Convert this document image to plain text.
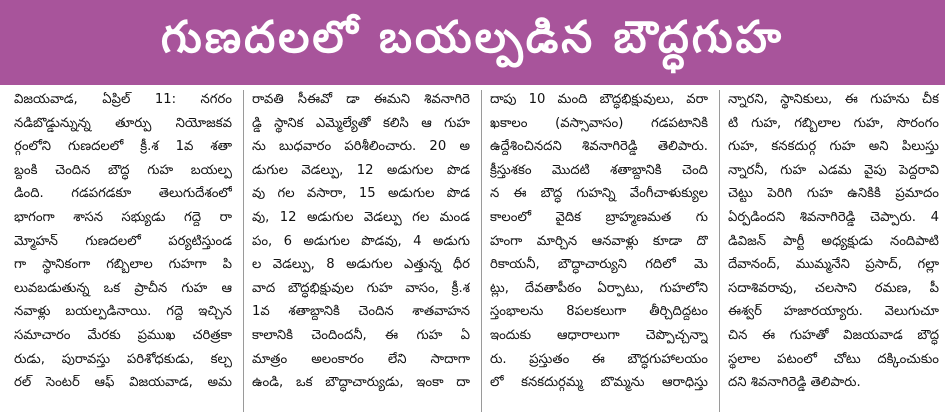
గుణదలలో బయల్పడిన బౌద్ధగుహ
విజయవాడ, ఏప్రిల్ 11: నగరం
నడిబొడ్డున్నున్న తూర్పు నియోజకవ
ర్గంలోని గుణదలలో క్రీ.శ 1వ శతా
బ్దంకి చెందిన బౌద్ధ గుహ బయల్ప
డింది. గడపగడకూ తెలుగుదేశంలో
భాగంగా శాసన సభ్యుడు గద్దె రా
మ్మోహన్ గుణదలలో పర్యటిస్తుండ
గా స్థానికంగా గబ్బిలాల గుహగా పి
లువబడుతున్న ఒక ప్రాచీన గుహ ఆ
నవాళ్లు బయల్పడినాయి. గద్దె ఇచ్చిన
సమాచారం మేరకు ప్రముఖ చరిత్రకా
రుడు, పురావస్తు పరిశోధకుడు, కల్చ
రల్ సెంటర్ ఆఫ్ విజయవాడ, అమ
రావతి సీఈవో డా ఈమని శివనాగిరె
డ్డి స్థానిక ఎమ్మెల్యేతో కలిసి ఆ గుహ
ను బుధవారం పరిశీలించారు. 20 అ
డుగుల వెడల్పు, 12 అడుగుల పొడ
వు గల వసారా, 15 అడుగుల పొడ
వు, 12 అడుగుల వెడల్పు గల మండ
పం, 6 అడుగుల పొడవు, 4 అడుగు
ల వెడల్పు, 8 అడుగుల ఎత్తున్న ధీర
వాద బౌద్ధభిక్షువుల గుహ వాసం, క్రీ.శ
1వ శతాబ్దానికి చెందిన శాతవాహన
కాలానికి చెందిందనీ, ఈ గుహ ఏ
మాత్రం అలంకారం లేని సాదాగా
ఉండి, ఒక బౌద్ధాచార్యుడు, ఇంకా దా
దాపు 10 మంది బౌద్ధభిక్షువులు, వరా
ఖకాలం (వస్సావాసం) గడపటానికి
ఉద్దేశించినదని శివనాగిరెడ్డి తెలిపారు.
క్రీస్తుశకం మొదటి శతాబ్దానికి చెంది
న ఈ బౌద్ధ గుహన్ని వేంగీచాళుక్యుల
కాలంలో వైదిక బ్రాహ్మణమత గు
హంగా మార్చిన ఆనవాళ్లు కూడా దొ
రికాయనీ, బౌద్ధాచార్యుని గదిలో మె
ట్లు, దేవతాపీఠం ఏర్పాటు, గుహలోని
స్తంభాలను 8పలకలుగా తీర్చిదిద్దటం
ఇందుకు ఆధారాలుగా చెప్పొచ్చన్నా
రు. ప్రస్తుతం ఈ బౌద్ధగుహాలయం
లో కనకదుర్గమ్మ బొమ్మను ఆరాధిస్తు
న్నారని, స్థానికులు, ఈ గుహను చీక
టి గుహ, గబ్బిలాల గుహ, సొరంగం
గుహ, కనకదుర్గ గుహ అని పిలుస్తు
న్నారనీ, గుహ ఎడమ వైపు పెద్దరావి
చెట్టు పెరిగి గుహ ఉనికికి ప్రమాదం
ఏర్పడిందని శివనాగిరెడ్డి చెప్పారు. 4
డివిజన్ పార్టీ అధ్యక్షుడు నందిపాటి
దేవానంద్, ముమ్మనేని ప్రసాద్, గల్లా
సదాశివరావు, చలసాని రమణ, పీ
ఈశ్వర్ హజారయ్యారు. వెలుగుచూ
చిన ఈ గుహతో విజయవాడ బౌద్ధ
స్థలాల పటంలో చోటు దక్కించుకుం
దని శివనాగిరెడ్డి తెలిపారు.
